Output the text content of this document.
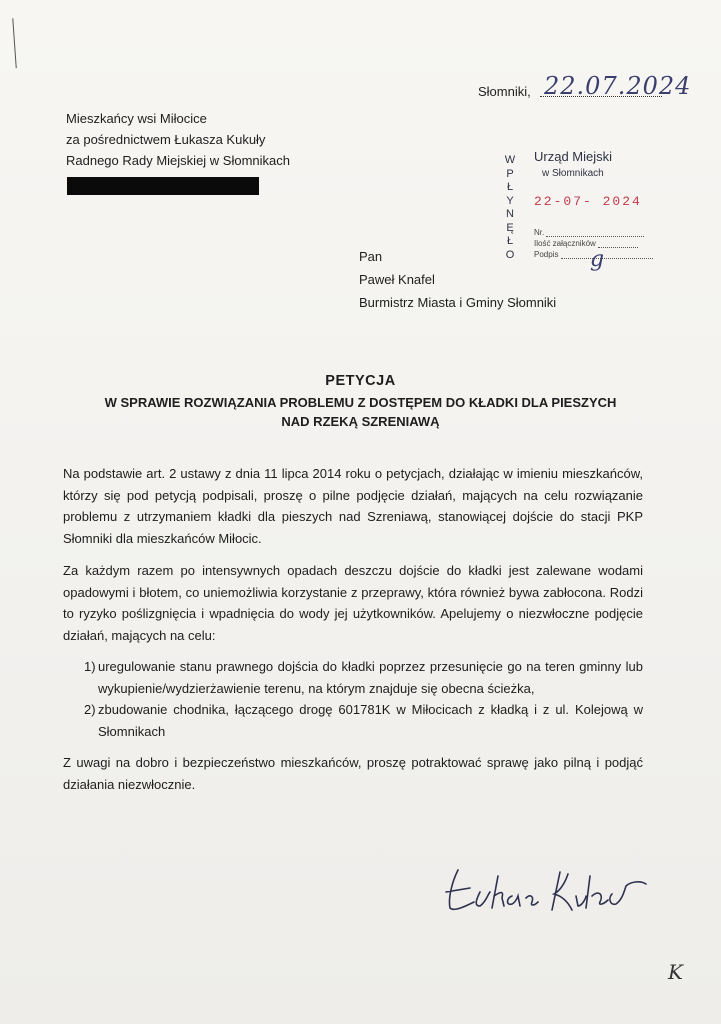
Słomniki, 22.07.2024
Mieszkańcy wsi Miłocice
za pośrednictwem Łukasza Kukuły
Radnego Rady Miejskiej w Słomnikach	W
P
Ł
Y
N
Ę
Ł
O
Urząd Miejski
w Słomnikach
22-07- 2024
Nr.
Ilość załączników
Podpis	g
Pan
Paweł Knafel
Burmistrz Miasta i Gminy Słomniki
PETYCJA
W SPRAWIE ROZWIĄZANIA PROBLEMU Z DOSTĘPEM DO KŁADKI DLA PIESZYCH
NAD RZEKĄ SZRENIAWĄ

Na podstawie art. 2 ustawy z dnia 11 lipca 2014 roku o petycjach, działając w imieniu mieszkańców, którzy się pod petycją podpisali, proszę o pilne podjęcie działań, mających na celu rozwiązanie problemu z utrzymaniem kładki dla pieszych nad Szreniawą, stanowiącej dojście do stacji PKP Słomniki dla mieszkańców Miłocic.

Za każdym razem po intensywnych opadach deszczu dojście do kładki jest zalewane wodami opadowymi i błotem, co uniemożliwia korzystanie z przeprawy, która również bywa zabłocona. Rodzi to ryzyko poślizgnięcia i wpadnięcia do wody jej użytkowników. Apelujemy o niezwłoczne podjęcie działań, mających na celu:

1) uregulowanie stanu prawnego dojścia do kładki poprzez przesunięcie go na teren gminny lub wykupienie/wydzierżawienie terenu, na którym znajduje się obecna ścieżka,
2) zbudowanie chodnika, łączącego drogę 601781K w Miłocicach z kładką i z ul. Kolejową w Słomnikach

Z uwagi na dobro i bezpieczeństwo mieszkańców, proszę potraktować sprawę jako pilną i podjąć działania niezwłocznie.

K
